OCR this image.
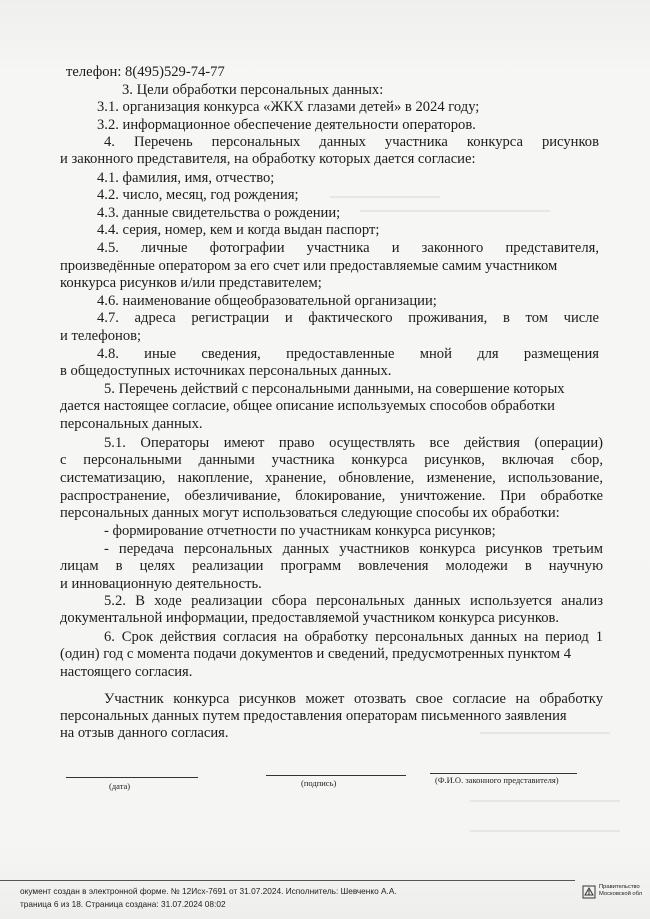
телефон: 8(495)529-74-77
3. Цели обработки персональных данных:
3.1. организация конкурса «ЖКХ глазами детей» в 2024 году;
3.2. информационное обеспечение деятельности операторов.
4. Перечень персональных данных участника конкурса рисунков
и законного представителя, на обработку которых дается согласие:
4.1. фамилия, имя, отчество;
4.2. число, месяц, год рождения;
4.3. данные свидетельства о рождении;
4.4. серия, номер, кем и когда выдан паспорт;
4.5. личные фотографии участника и законного представителя,
произведённые оператором за его счет или предоставляемые самим участником
конкурса рисунков и/или представителем;
4.6. наименование общеобразовательной организации;
4.7. адреса регистрации и фактического проживания, в том числе
и телефонов;
4.8. иные сведения, предоставленные мной для размещения
в общедоступных источниках персональных данных.
5. Перечень действий с персональными данными, на совершение которых
дается настоящее согласие, общее описание используемых способов обработки
персональных данных.
5.1. Операторы имеют право осуществлять все действия (операции)
с персональными данными участника конкурса рисунков, включая сбор,
систематизацию, накопление, хранение, обновление, изменение, использование,
распространение, обезличивание, блокирование, уничтожение. При обработке
персональных данных могут использоваться следующие способы их обработки:
- формирование отчетности по участникам конкурса рисунков;
- передача персональных данных участников конкурса рисунков третьим
лицам в целях реализации программ вовлечения молодежи в научную
и инновационную деятельность.
5.2. В ходе реализации сбора персональных данных используется анализ
документальной информации, предоставляемой участником конкурса рисунков.
6. Срок действия согласия на обработку персональных данных на период 1
(один) год с момента подачи документов и сведений, предусмотренных пунктом 4
настоящего согласия.
Участник конкурса рисунков может отозвать свое согласие на обработку
персональных данных путем предоставления операторам письменного заявления
на отзыв данного согласия.
(дата)	(подпись)	(Ф.И.О. законного представителя)
окумент создан в электронной форме. № 12Исх-7691 от 31.07.2024. Исполнитель: Шевченко А.А.
траница 6 из 18. Страница создана: 31.07.2024 08:02
Правительство
Московской обл
